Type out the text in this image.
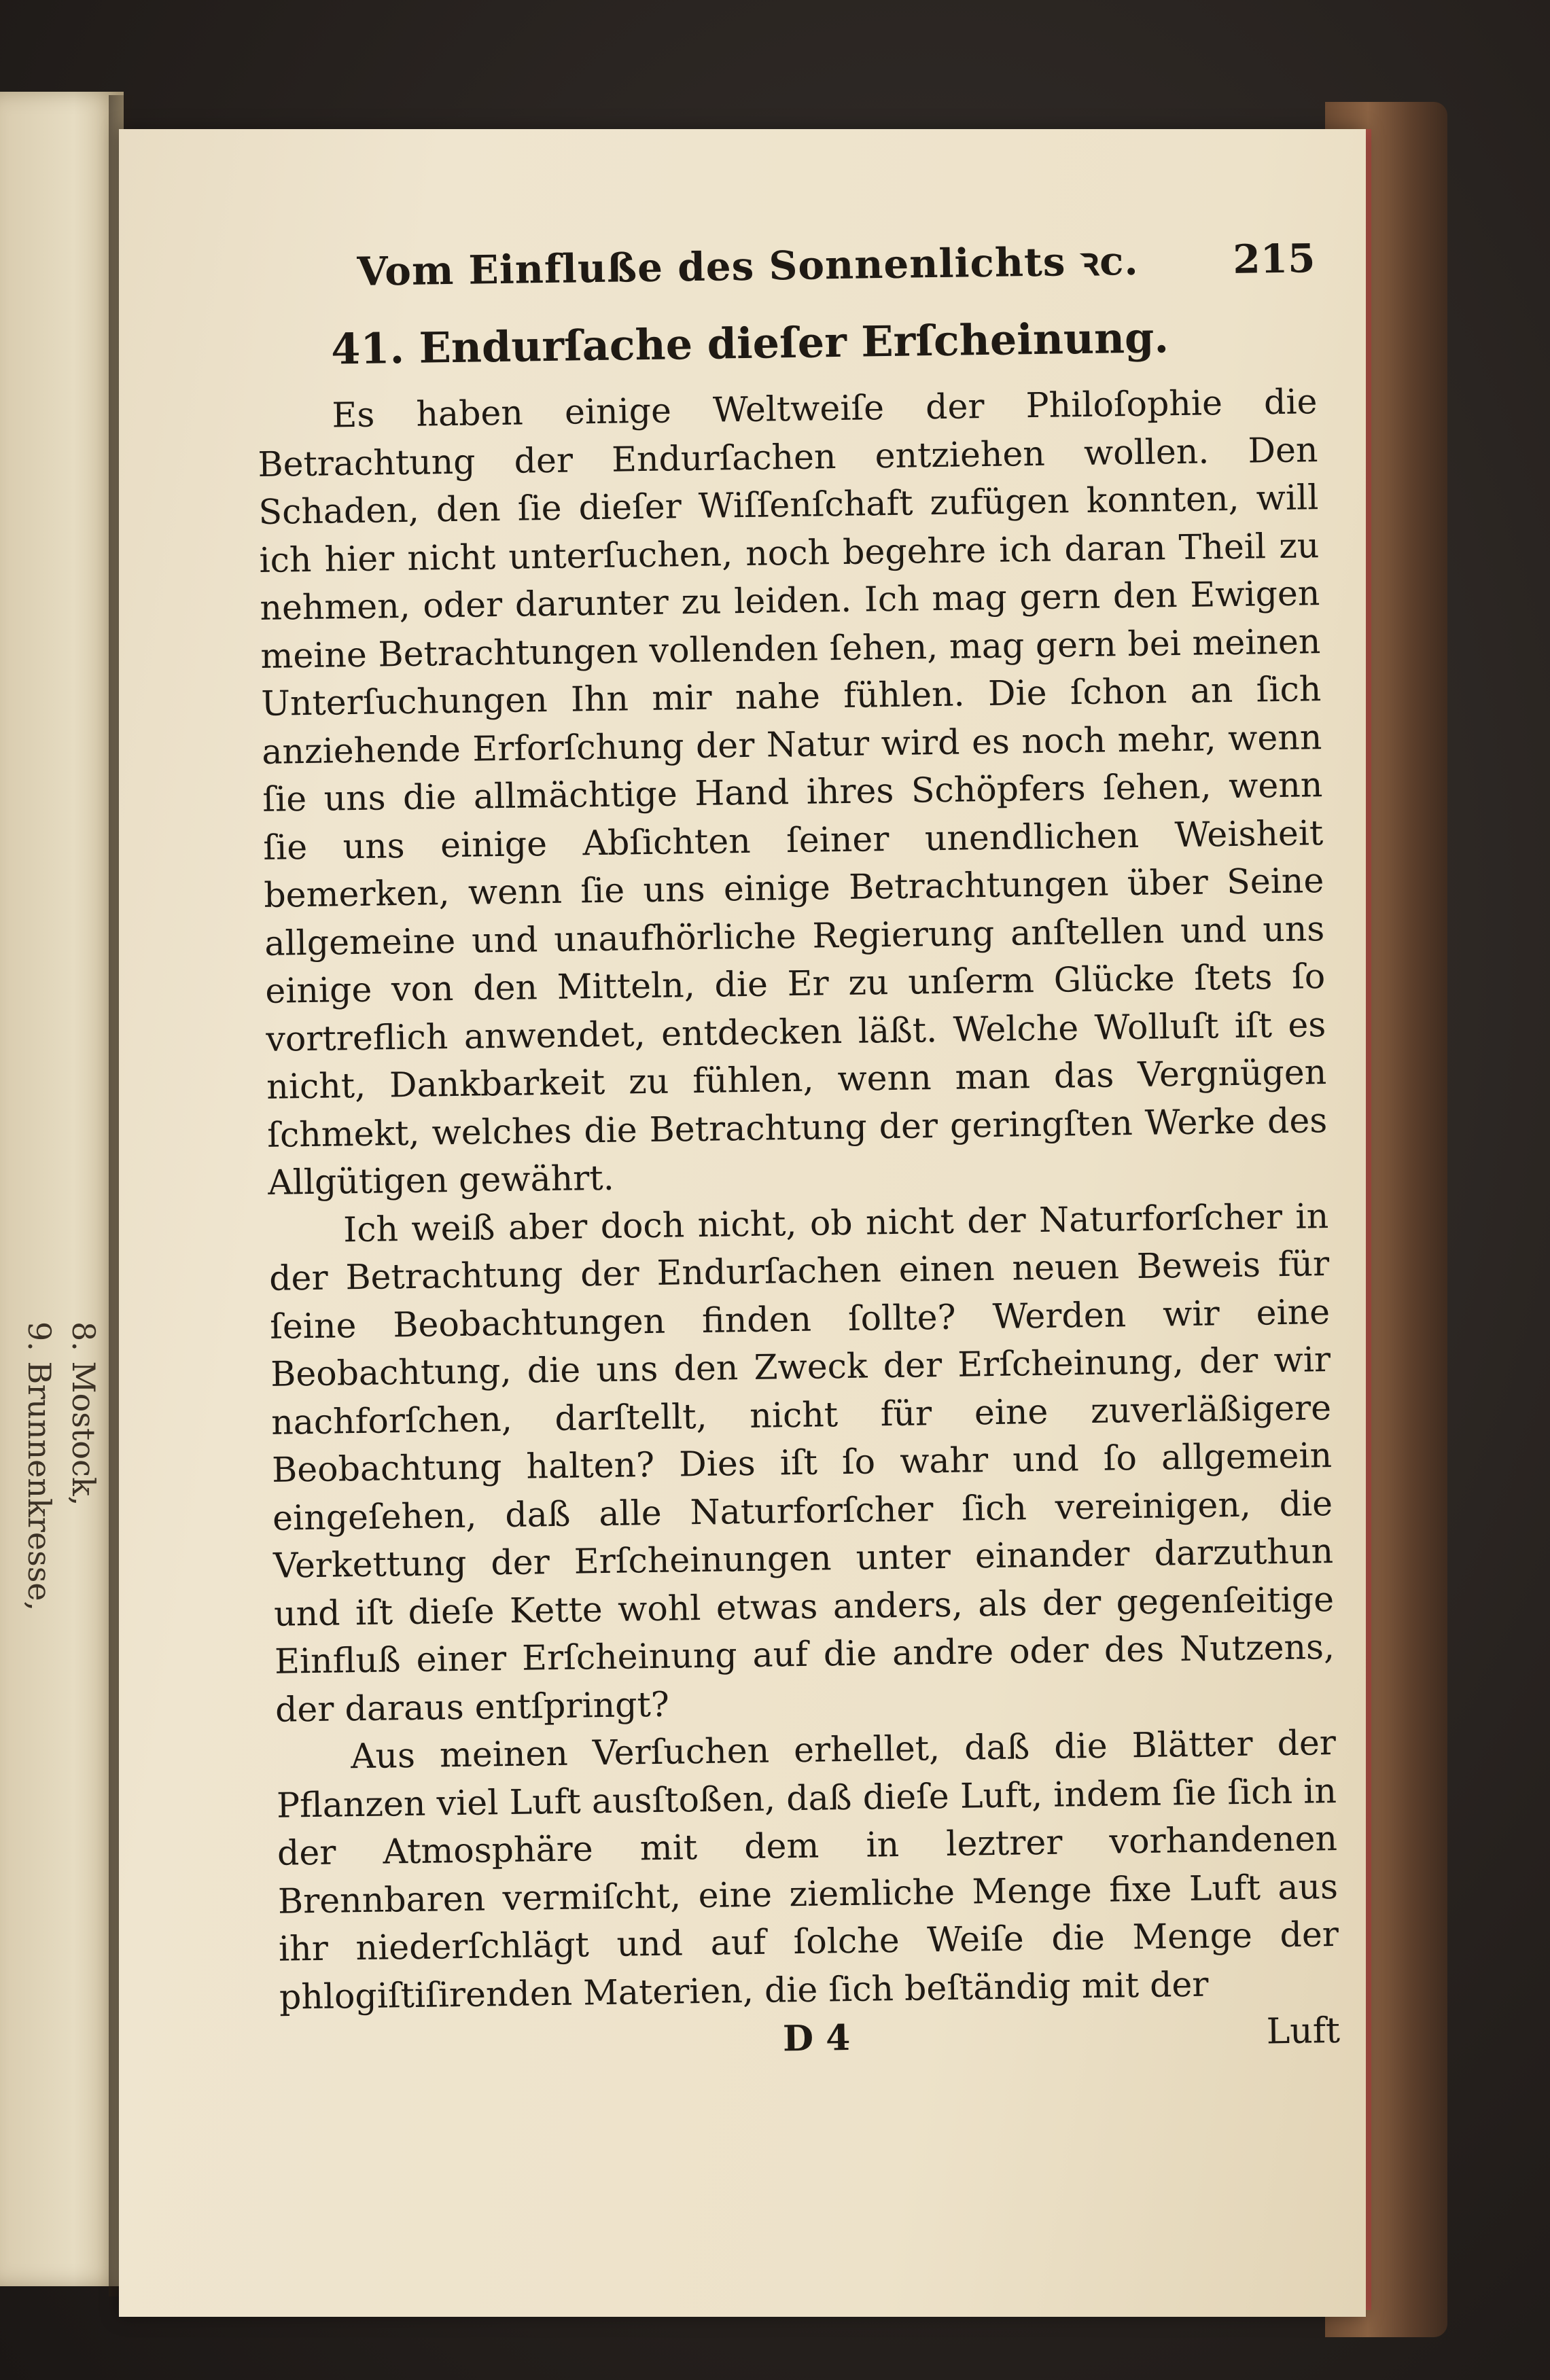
8. Mostock,
9. Brunnenkresse,
Vom Einfluße des Sonnenlichts ꝛc. 215
41. Endurſache dieſer Erſcheinung.

Es haben einige Weltweiſe der Philoſophie die Betrachtung der Endurſachen entziehen wollen. Den Schaden, den ſie dieſer Wiſſenſchaft zufügen konnten, will ich hier nicht unterſuchen, noch begehre ich daran Theil zu nehmen, oder darunter zu leiden. Ich mag gern den Ewigen meine Betrachtungen vollenden ſehen, mag gern bei meinen Unterſuchungen Ihn mir nahe fühlen. Die ſchon an ſich anziehende Erforſchung der Natur wird es noch mehr, wenn ſie uns die allmächtige Hand ihres Schöpfers ſehen, wenn ſie uns einige Abſichten ſeiner unendlichen Weisheit bemerken, wenn ſie uns einige Betrachtungen über Seine allgemeine und unaufhörliche Regierung anſtellen und uns einige von den Mitteln, die Er zu unſerm Glücke ſtets ſo vortreflich anwendet, entdecken läßt. Welche Wolluſt iſt es nicht, Dankbarkeit zu fühlen, wenn man das Vergnügen ſchmekt, welches die Betrachtung der geringſten Werke des Allgütigen gewährt.

Ich weiß aber doch nicht, ob nicht der Naturforſcher in der Betrachtung der Endurſachen einen neuen Beweis für ſeine Beobachtungen finden ſollte? Werden wir eine Beobachtung, die uns den Zweck der Erſcheinung, der wir nachforſchen, darſtellt, nicht für eine zuverläßigere Beobachtung halten? Dies iſt ſo wahr und ſo allgemein eingeſehen, daß alle Naturforſcher ſich vereinigen, die Verkettung der Erſcheinungen unter einander darzuthun und iſt dieſe Kette wohl etwas anders, als der gegenſeitige Einfluß einer Erſcheinung auf die andre oder des Nutzens, der daraus entſpringt?

Aus meinen Verſuchen erhellet, daß die Blätter der Pflanzen viel Luft ausſtoßen, daß dieſe Luft, indem ſie ſich in der Atmosphäre mit dem in leztrer vorhandenen Brennbaren vermiſcht, eine ziemliche Menge fixe Luft aus ihr niederſchlägt und auf ſolche Weiſe die Menge der phlogiſtiſirenden Materien, die ſich beſtändig mit der

D 4	Luft
